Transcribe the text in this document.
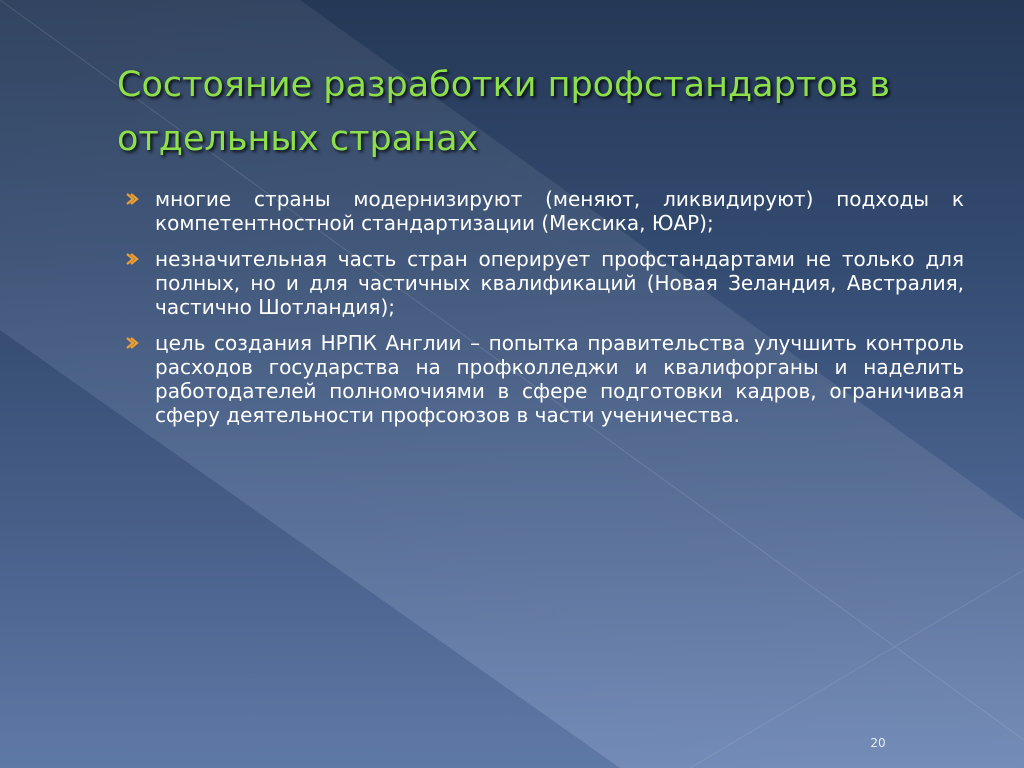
Состояние разработки профстандартов в отдельных странах
многие страны модернизируют (меняют, ликвидируют) подходы к компетентностной стандартизации (Мексика, ЮАР);
незначительная часть стран оперирует профстандартами не только для полных, но и для частичных квалификаций (Новая Зеландия, Австралия, частично Шотландия);
цель создания НРПК Англии – попытка правительства улучшить контроль расходов государства на профколледжи и квалифорганы и наделить работодателей полномочиями в сфере подготовки кадров, ограничивая сферу деятельности профсоюзов в части ученичества.
20
